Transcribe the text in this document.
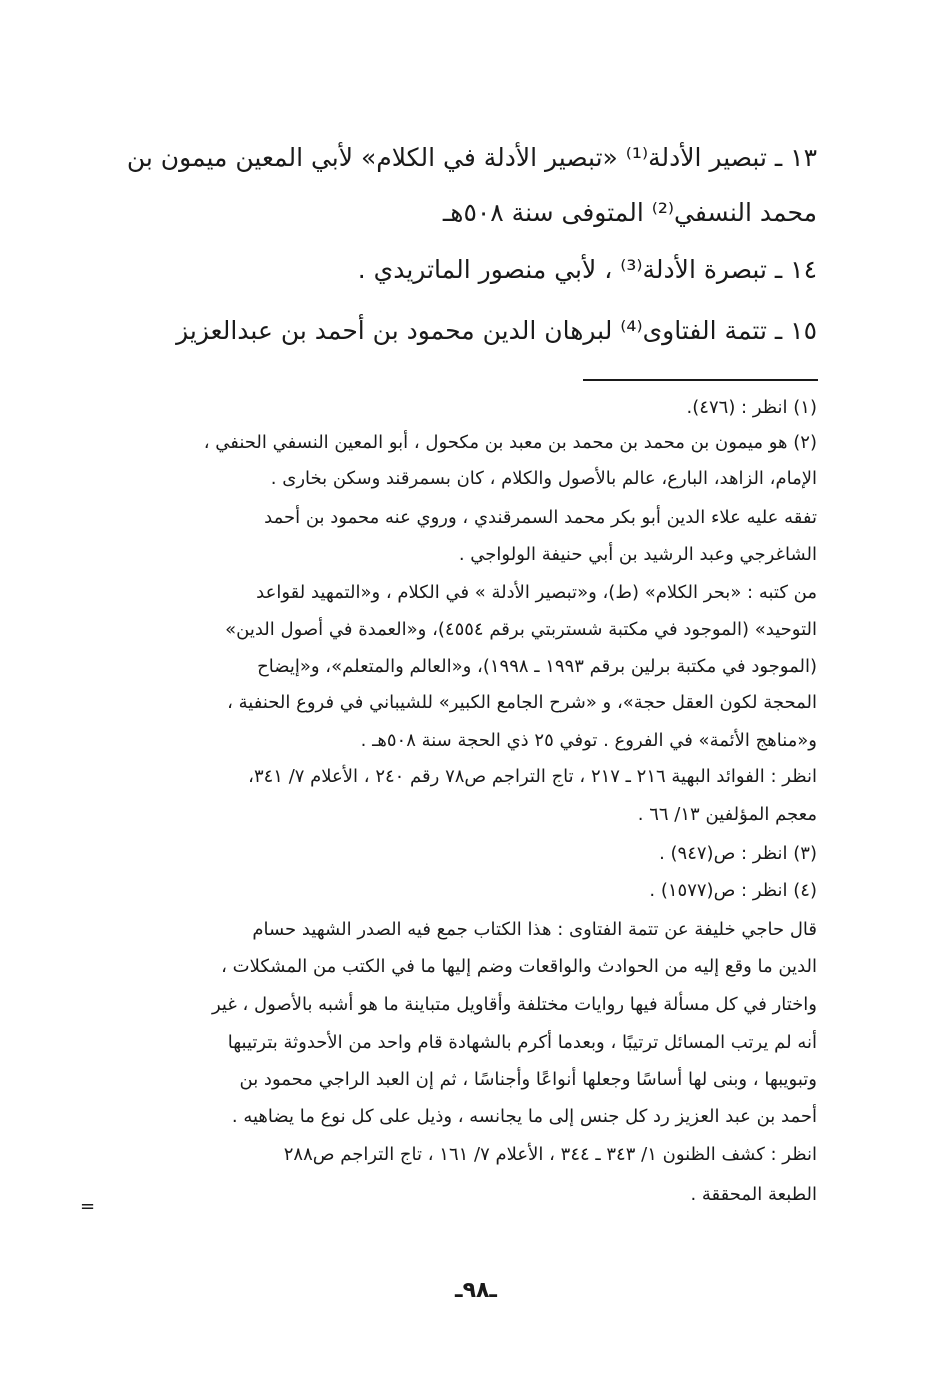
١٣ ـ تبصير الأدلة⁽¹⁾ «تبصير الأدلة في الكلام» لأبي المعين ميمون بن
محمد النسفي⁽²⁾ المتوفى سنة ٥٠٨هـ
١٤ ـ تبصرة الأدلة⁽³⁾ ، لأبي منصور الماتريدي .
١٥ ـ تتمة الفتاوى⁽⁴⁾ لبرهان الدين محمود بن أحمد بن عبدالعزيز
(١) انظر : (٤٧٦).
(٢) هو ميمون بن محمد بن محمد بن معبد بن مكحول ، أبو المعين النسفي الحنفي ،
الإمام، الزاهد، البارع، عالم بالأصول والكلام ، كان بسمرقند وسكن بخارى .
تفقه عليه علاء الدين أبو بكر محمد السمرقندي ، وروي عنه محمود بن أحمد
الشاغرجي وعبد الرشيد بن أبي حنيفة الولواجي .
من كتبه : «بحر الكلام» (ط)، و«تبصير الأدلة » في الكلام ، و«التمهيد لقواعد
التوحيد» (الموجود في مكتبة شستربتي برقم ٤٥٥٤)، و«العمدة في أصول الدين»
(الموجود في مكتبة برلين برقم ١٩٩٣ ـ ١٩٩٨)، و«العالم والمتعلم»، و«إيضاح
المحجة لكون العقل حجة»، و «شرح الجامع الكبير» للشيباني في فروع الحنفية ،
و«مناهج الأئمة» في الفروع . توفي ٢٥ ذي الحجة سنة ٥٠٨هـ .
انظر : الفوائد البهية ٢١٦ ـ ٢١٧ ، تاج التراجم ص٧٨ رقم ٢٤٠ ، الأعلام ٧/ ٣٤١،
معجم المؤلفين ١٣/ ٦٦ .
(٣) انظر : ص(٩٤٧) .
(٤) انظر : ص(١٥٧٧) .
قال حاجي خليفة عن تتمة الفتاوى : هذا الكتاب جمع فيه الصدر الشهيد حسام
الدين ما وقع إليه من الحوادث والواقعات وضم إليها ما في الكتب من المشكلات ،
واختار في كل مسألة فيها روايات مختلفة وأقاويل متباينة ما هو أشبه بالأصول ، غير
أنه لم يرتب المسائل ترتيبًا ، وبعدما أكرم بالشهادة قام واحد من الأحدوثة بترتيبها
وتبويبها ، وبنى لها أساسًا وجعلها أنواعًا وأجناسًا ، ثم إن العبد الراجي محمود بن
أحمد بن عبد العزيز رد كل جنس إلى ما يجانسه ، وذيل على كل نوع ما يضاهيه .
انظر : كشف الظنون ١/ ٣٤٣ ـ ٣٤٤ ، الأعلام ٧/ ١٦١ ، تاج التراجم ص٢٨٨
الطبعة المحققة .
=
ـ٩٨ـ
